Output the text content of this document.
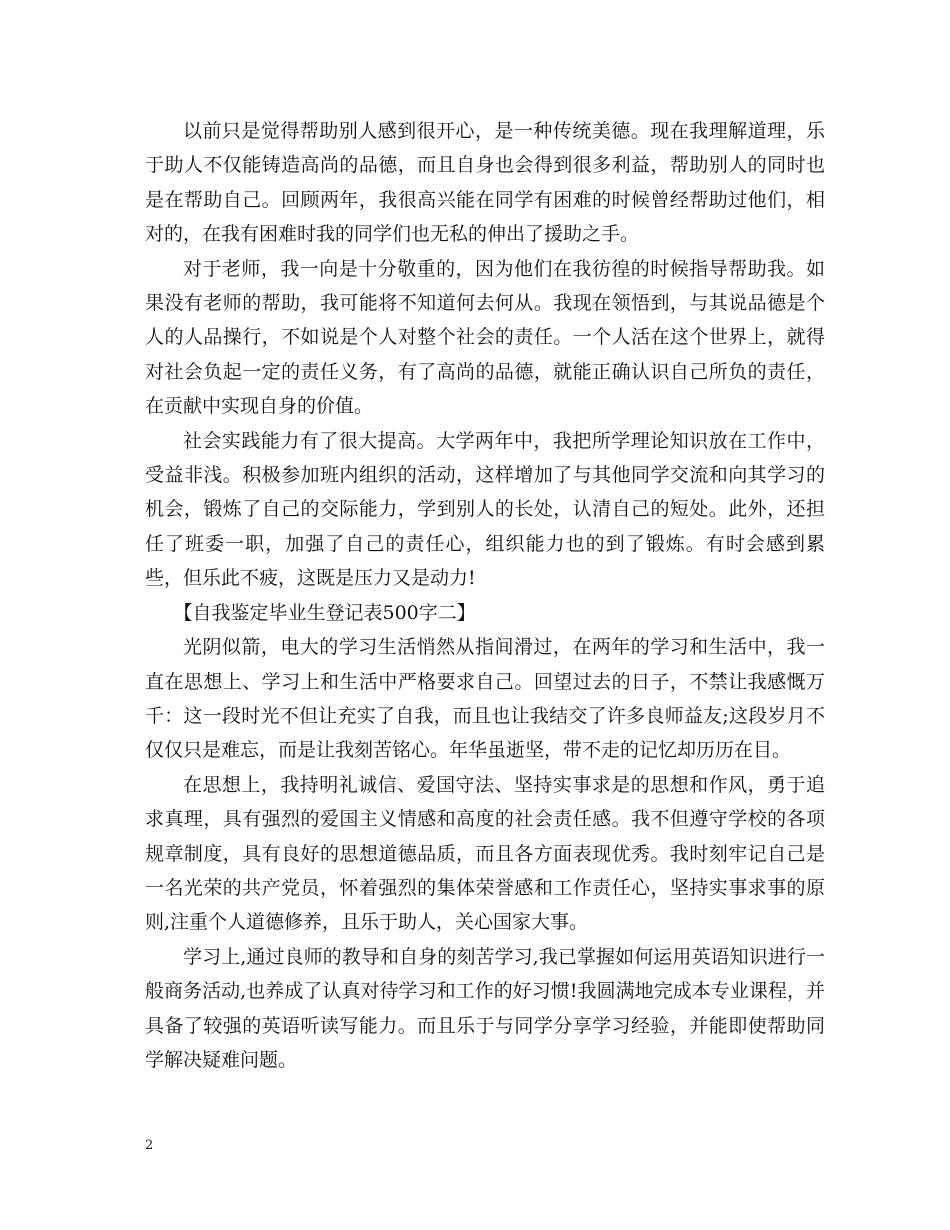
以前只是觉得帮助别人感到很开心，是一种传统美德。现在我理解道理，乐于助人不仅能铸造高尚的品德，而且自身也会得到很多利益，帮助别人的同时也是在帮助自己。回顾两年，我很高兴能在同学有困难的时候曾经帮助过他们，相对的，在我有困难时我的同学们也无私的伸出了援助之手。

对于老师，我一向是十分敬重的，因为他们在我彷徨的时候指导帮助我。如果没有老师的帮助，我可能将不知道何去何从。我现在领悟到，与其说品德是个人的人品操行，不如说是个人对整个社会的责任。一个人活在这个世界上，就得对社会负起一定的责任义务，有了高尚的品德，就能正确认识自己所负的责任，在贡献中实现自身的价值。

社会实践能力有了很大提高。大学两年中，我把所学理论知识放在工作中，受益非浅。积极参加班内组织的活动，这样增加了与其他同学交流和向其学习的机会，锻炼了自己的交际能力，学到别人的长处，认清自己的短处。此外，还担任了班委一职，加强了自己的责任心，组织能力也的到了锻炼。有时会感到累些，但乐此不疲，这既是压力又是动力!

【自我鉴定毕业生登记表500字二】

光阴似箭，电大的学习生活悄然从指间滑过，在两年的学习和生活中，我一直在思想上、学习上和生活中严格要求自己。回望过去的日子，不禁让我感慨万千：这一段时光不但让充实了自我，而且也让我结交了许多良师益友;这段岁月不仅仅只是难忘，而是让我刻苦铭心。年华虽逝坚，带不走的记忆却历历在目。

在思想上，我持明礼诚信、爱国守法、坚持实事求是的思想和作风，勇于追求真理，具有强烈的爱国主义情感和高度的社会责任感。我不但遵守学校的各项规章制度，具有良好的思想道德品质，而且各方面表现优秀。我时刻牢记自己是一名光荣的共产党员，怀着强烈的集体荣誉感和工作责任心，坚持实事求事的原则,注重个人道德修养，且乐于助人，关心国家大事。

学习上,通过良师的教导和自身的刻苦学习,我已掌握如何运用英语知识进行一般商务活动,也养成了认真对待学习和工作的好习惯!我圆满地完成本专业课程，并具备了较强的英语听读写能力。而且乐于与同学分享学习经验，并能即使帮助同学解决疑难问题。

2
